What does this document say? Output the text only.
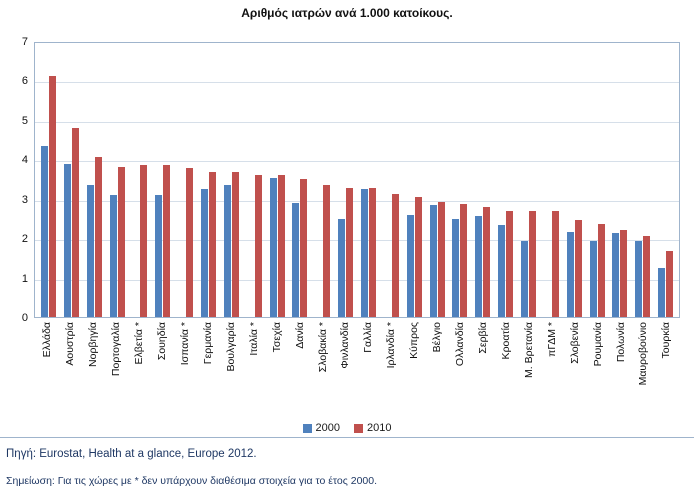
Αριθμός ιατρών ανά 1.000 κατοίκους.
0
1
2
3
4
5
6
7
Ελλάδα Αουστρία Νορβηγία Πορτογαλία Ελβετία * Σουηδία Ισπανία * Γερμανία Βουλγαρία Ιταλία * Τσεχία Δανία Σλοβακία * Φινλανδία Γαλλία Ιρλανδία * Κύπρος Βέλγιο Ολλανδία Σερβία Κροατία Μ. Βρετανία πΓΔΜ * Σλοβενία Ρουμανία Πολωνία Μαυροβούνιο Τουρκία
2000 2010
Πηγή: Eurostat, Health at a glance, Europe 2012.
Σημείωση: Για τις χώρες με * δεν υπάρχουν διαθέσιμα στοιχεία για το έτος 2000.
